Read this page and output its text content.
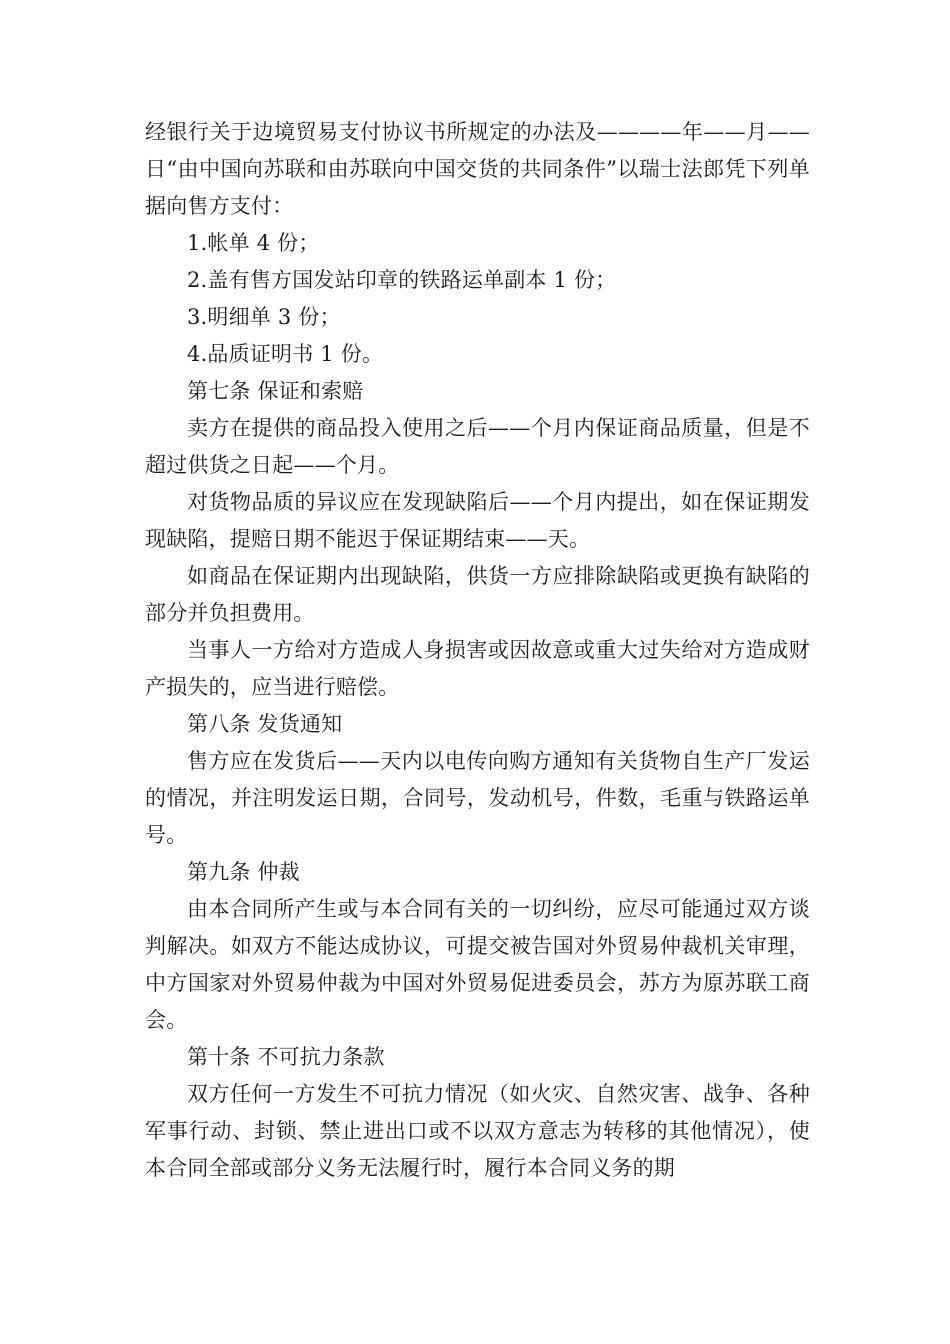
经银行关于边境贸易支付协议书所规定的办法及————年——月——日“由中国向苏联和由苏联向中国交货的共同条件”以瑞士法郎凭下列单据向售方支付：

1.帐单 4 份；

2.盖有售方国发站印章的铁路运单副本 1 份；

3.明细单 3 份；

4.品质证明书 1 份。

第七条 保证和索赔

卖方在提供的商品投入使用之后——个月内保证商品质量，但是不超过供货之日起——个月。

对货物品质的异议应在发现缺陷后——个月内提出，如在保证期发现缺陷，提赔日期不能迟于保证期结束——天。

如商品在保证期内出现缺陷，供货一方应排除缺陷或更换有缺陷的部分并负担费用。

当事人一方给对方造成人身损害或因故意或重大过失给对方造成财产损失的，应当进行赔偿。

第八条 发货通知

售方应在发货后——天内以电传向购方通知有关货物自生产厂发运的情况，并注明发运日期，合同号，发动机号，件数，毛重与铁路运单号。

第九条 仲裁

由本合同所产生或与本合同有关的一切纠纷，应尽可能通过双方谈判解决。如双方不能达成协议，可提交被告国对外贸易仲裁机关审理，中方国家对外贸易仲裁为中国对外贸易促进委员会，苏方为原苏联工商会。

第十条 不可抗力条款

双方任何一方发生不可抗力情况（如火灾、自然灾害、战争、各种军事行动、封锁、禁止进出口或不以双方意志为转移的其他情况），使本合同全部或部分义务无法履行时，履行本合同义务的期
